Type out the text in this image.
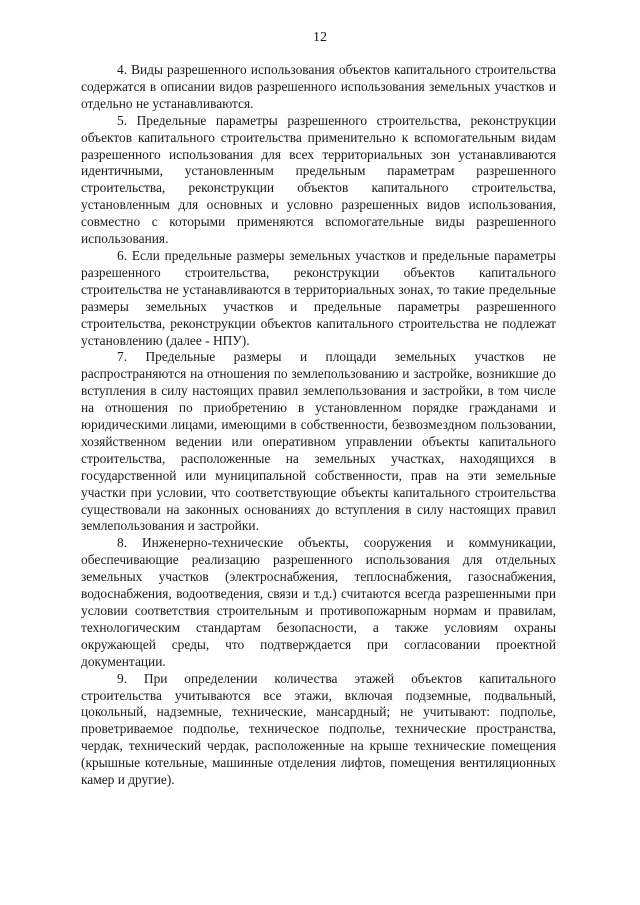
12

4. Виды разрешенного использования объектов капитального строительства содержатся в описании видов разрешенного использования земельных участков и отдельно не устанавливаются.

5. Предельные параметры разрешенного строительства, реконструкции объектов капитального строительства применительно к вспомогательным видам разрешенного использования для всех территориальных зон устанавливаются идентичными, установленным предельным параметрам разрешенного строительства, реконструкции объектов капитального строительства, установленным для основных и условно разрешенных видов использования, совместно с которыми применяются вспомогательные виды разрешенного использования.

6. Если предельные размеры земельных участков и предельные параметры разрешенного строительства, реконструкции объектов капитального строительства не устанавливаются в территориальных зонах, то такие предельные размеры земельных участков и предельные параметры разрешенного строительства, реконструкции объектов капитального строительства не подлежат установлению (далее - НПУ).

7. Предельные размеры и площади земельных участков не распространяются на отношения по землепользованию и застройке, возникшие до вступления в силу настоящих правил землепользования и застройки, в том числе на отношения по приобретению в установленном порядке гражданами и юридическими лицами, имеющими в собственности, безвозмездном пользовании, хозяйственном ведении или оперативном управлении объекты капитального строительства, расположенные на земельных участках, находящихся в государственной или муниципальной собственности, прав на эти земельные участки при условии, что соответствующие объекты капитального строительства существовали на законных основаниях до вступления в силу настоящих правил землепользования и застройки.

8. Инженерно-технические объекты, сооружения и коммуникации, обеспечивающие реализацию разрешенного использования для отдельных земельных участков (электроснабжения, теплоснабжения, газоснабжения, водоснабжения, водоотведения, связи и т.д.) считаются всегда разрешенными при условии соответствия строительным и противопожарным нормам и правилам, технологическим стандартам безопасности, а также условиям охраны окружающей среды, что подтверждается при согласовании проектной документации.

9. При определении количества этажей объектов капитального строительства учитываются все этажи, включая подземные, подвальный, цокольный, надземные, технические, мансардный; не учитывают: подполье, проветриваемое подполье, техническое подполье, технические пространства, чердак, технический чердак, расположенные на крыше технические помещения (крышные котельные, машинные отделения лифтов, помещения вентиляционных камер и другие).
